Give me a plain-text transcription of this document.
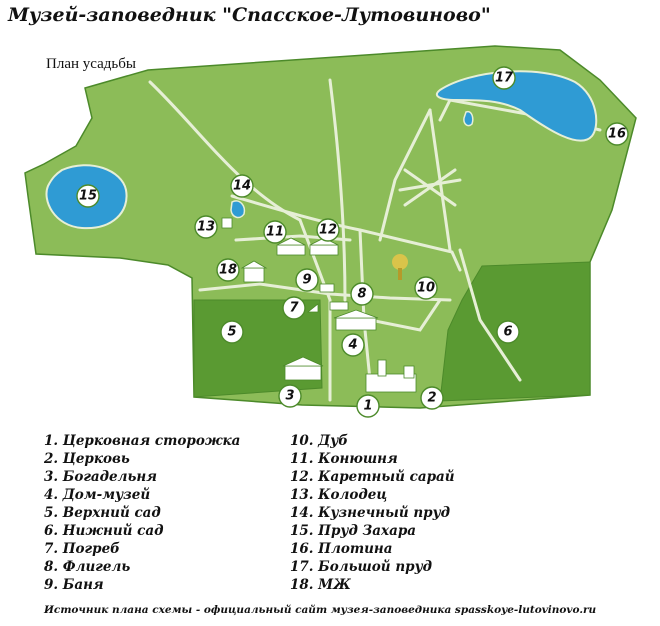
Музей-заповедник "Спасское-Лутовиново"
План усадьбы
1
2
3
4
5	6
7
8
9
10
11	12
13
14
15
16
17
18
1. Церковная сторожка
2. Церковь
3. Богадельня
4. Дом-музей
5. Верхний сад
6. Нижний сад
7. Погреб
8. Флигель
9. Баня
10. Дуб
11. Конюшня
12. Каретный сарай
13. Колодец
14. Кузнечный пруд
15. Пруд Захара
16. Плотина
17. Большой пруд
18. МЖ
Источник плана схемы - официальный сайт музея-заповедника spasskoye-lutovinovo.ru
